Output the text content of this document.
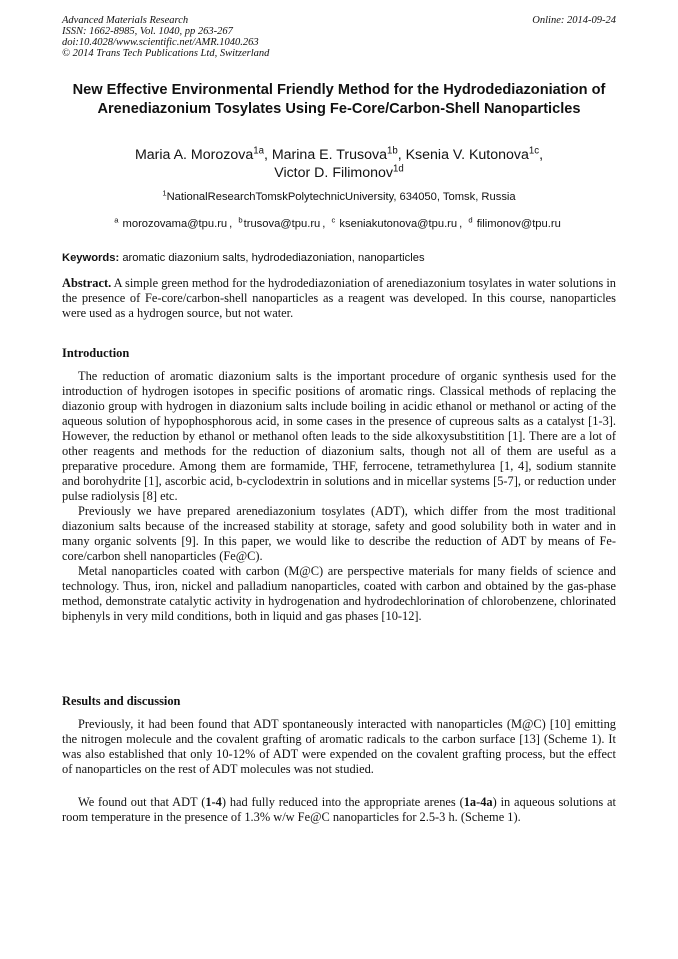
Advanced Materials Research
ISSN: 1662-8985, Vol. 1040, pp 263-267
doi:10.4028/www.scientific.net/AMR.1040.263
© 2014 Trans Tech Publications Ltd, Switzerland
Online: 2014-09-24
New Effective Environmental Friendly Method for the Hydrodediazoniation of Arenediazonium Tosylates Using Fe-Core/Carbon-Shell Nanoparticles
Maria A. Morozova$^{1a}$, Marina E. Trusova$^{1b}$, Ksenia V. Kutonova$^{1c}$,
Victor D. Filimonov$^{1d}$
$^1$NationalResearchTomskPolytechnicUniversity, 634050, Tomsk, Russia
$^a$ morozovama@tpu.ru , $^b$trusova@tpu.ru , $^c$ kseniakutonova@tpu.ru , $^d$ filimonov@tpu.ru
Keywords: aromatic diazonium salts, hydrodediazoniation, nanoparticles
Abstract. A simple green method for the hydrodediazoniation of arenediazonium tosylates in water solutions in the presence of Fe-core/carbon-shell nanoparticles as a reagent was developed. In this course, nanoparticles were used as a hydrogen source, but not water.
Introduction

The reduction of aromatic diazonium salts is the important procedure of organic synthesis used for the introduction of hydrogen isotopes in specific positions of aromatic rings. Classical methods of replacing the diazonio group with hydrogen in diazonium salts include boiling in acidic ethanol or methanol or acting of the aqueous solution of hypophosphorous acid, in some cases in the presence of cupreous salts as a catalyst [1-3]. However, the reduction by ethanol or methanol often leads to the side alkoxysubstitition [1]. There are a lot of other reagents and methods for the reduction of diazonium salts, though not all of them are useful as a preparative procedure. Among them are formamide, THF, ferrocene, tetramethylurea [1, 4], sodium stannite and borohydrite [1], ascorbic acid, b-cyclodextrin in solutions and in micellar systems [5-7], or reduction under pulse radiolysis [8] etc.

Previously we have prepared arenediazonium tosylates (ADT), which differ from the most traditional diazonium salts because of the increased stability at storage, safety and good solubility both in water and in many organic solvents [9]. In this paper, we would like to describe the reduction of ADT by means of Fe-core/carbon shell nanoparticles (Fe@C).

Metal nanoparticles coated with carbon (M@C) are perspective materials for many fields of science and technology. Thus, iron, nickel and palladium nanoparticles, coated with carbon and obtained by the gas-phase method, demonstrate catalytic activity in hydrogenation and hydrodechlorination of chlorobenzene, chlorinated biphenyls in very mild conditions, both in liquid and gas phases [10-12].

Results and discussion

Previously, it had been found that ADT spontaneously interacted with nanoparticles (M@C) [10] emitting the nitrogen molecule and the covalent grafting of aromatic radicals to the carbon surface [13] (Scheme 1). It was also established that only 10-12% of ADT were expended on the covalent grafting process, but the effect of nanoparticles on the rest of ADT molecules was not studied.

We found out that ADT (1-4) had fully reduced into the appropriate arenes (1a-4a) in aqueous solutions at room temperature in the presence of 1.3% w/w Fe@C nanoparticles for 2.5-3 h. (Scheme 1).
